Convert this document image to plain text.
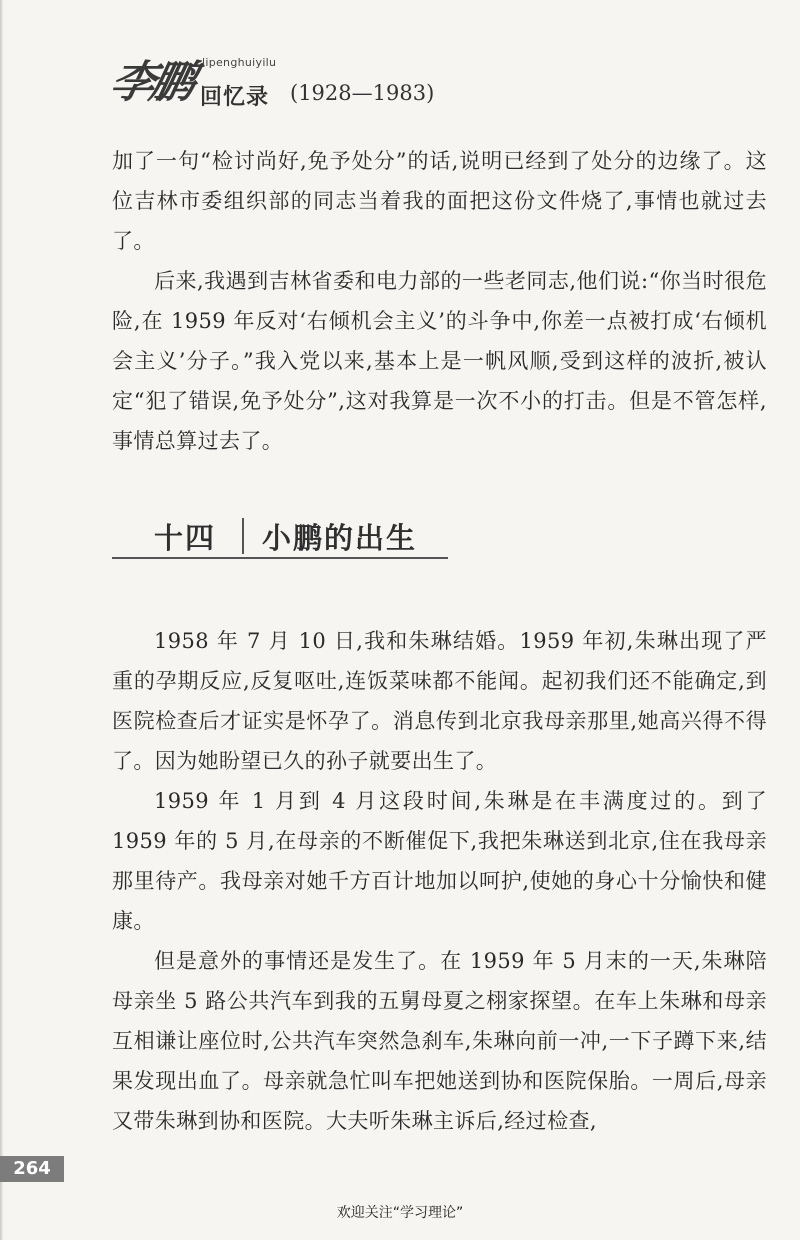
李鹏 lipenghuiyilu
回忆录 (1928—1983)

加了一句“检讨尚好,免予处分”的话,说明已经到了处分的边缘了。这位吉林市委组织部的同志当着我的面把这份文件烧了,事情也就过去了。

后来,我遇到吉林省委和电力部的一些老同志,他们说:“你当时很危险,在 1959 年反对‘右倾机会主义’的斗争中,你差一点被打成‘右倾机会主义’分子。”我入党以来,基本上是一帆风顺,受到这样的波折,被认定“犯了错误,免予处分”,这对我算是一次不小的打击。但是不管怎样,事情总算过去了。

十四 小鹏的出生

1958 年 7 月 10 日,我和朱琳结婚。1959 年初,朱琳出现了严重的孕期反应,反复呕吐,连饭菜味都不能闻。起初我们还不能确定,到医院检查后才证实是怀孕了。消息传到北京我母亲那里,她高兴得不得了。因为她盼望已久的孙子就要出生了。

1959 年 1 月到 4 月这段时间,朱琳是在丰满度过的。到了 1959 年的 5 月,在母亲的不断催促下,我把朱琳送到北京,住在我母亲那里待产。我母亲对她千方百计地加以呵护,使她的身心十分愉快和健康。

但是意外的事情还是发生了。在 1959 年 5 月末的一天,朱琳陪母亲坐 5 路公共汽车到我的五舅母夏之栩家探望。在车上朱琳和母亲互相谦让座位时,公共汽车突然急刹车,朱琳向前一冲,一下子蹲下来,结果发现出血了。母亲就急忙叫车把她送到协和医院保胎。一周后,母亲又带朱琳到协和医院。大夫听朱琳主诉后,经过检查,

264
欢迎关注“学习理论”
